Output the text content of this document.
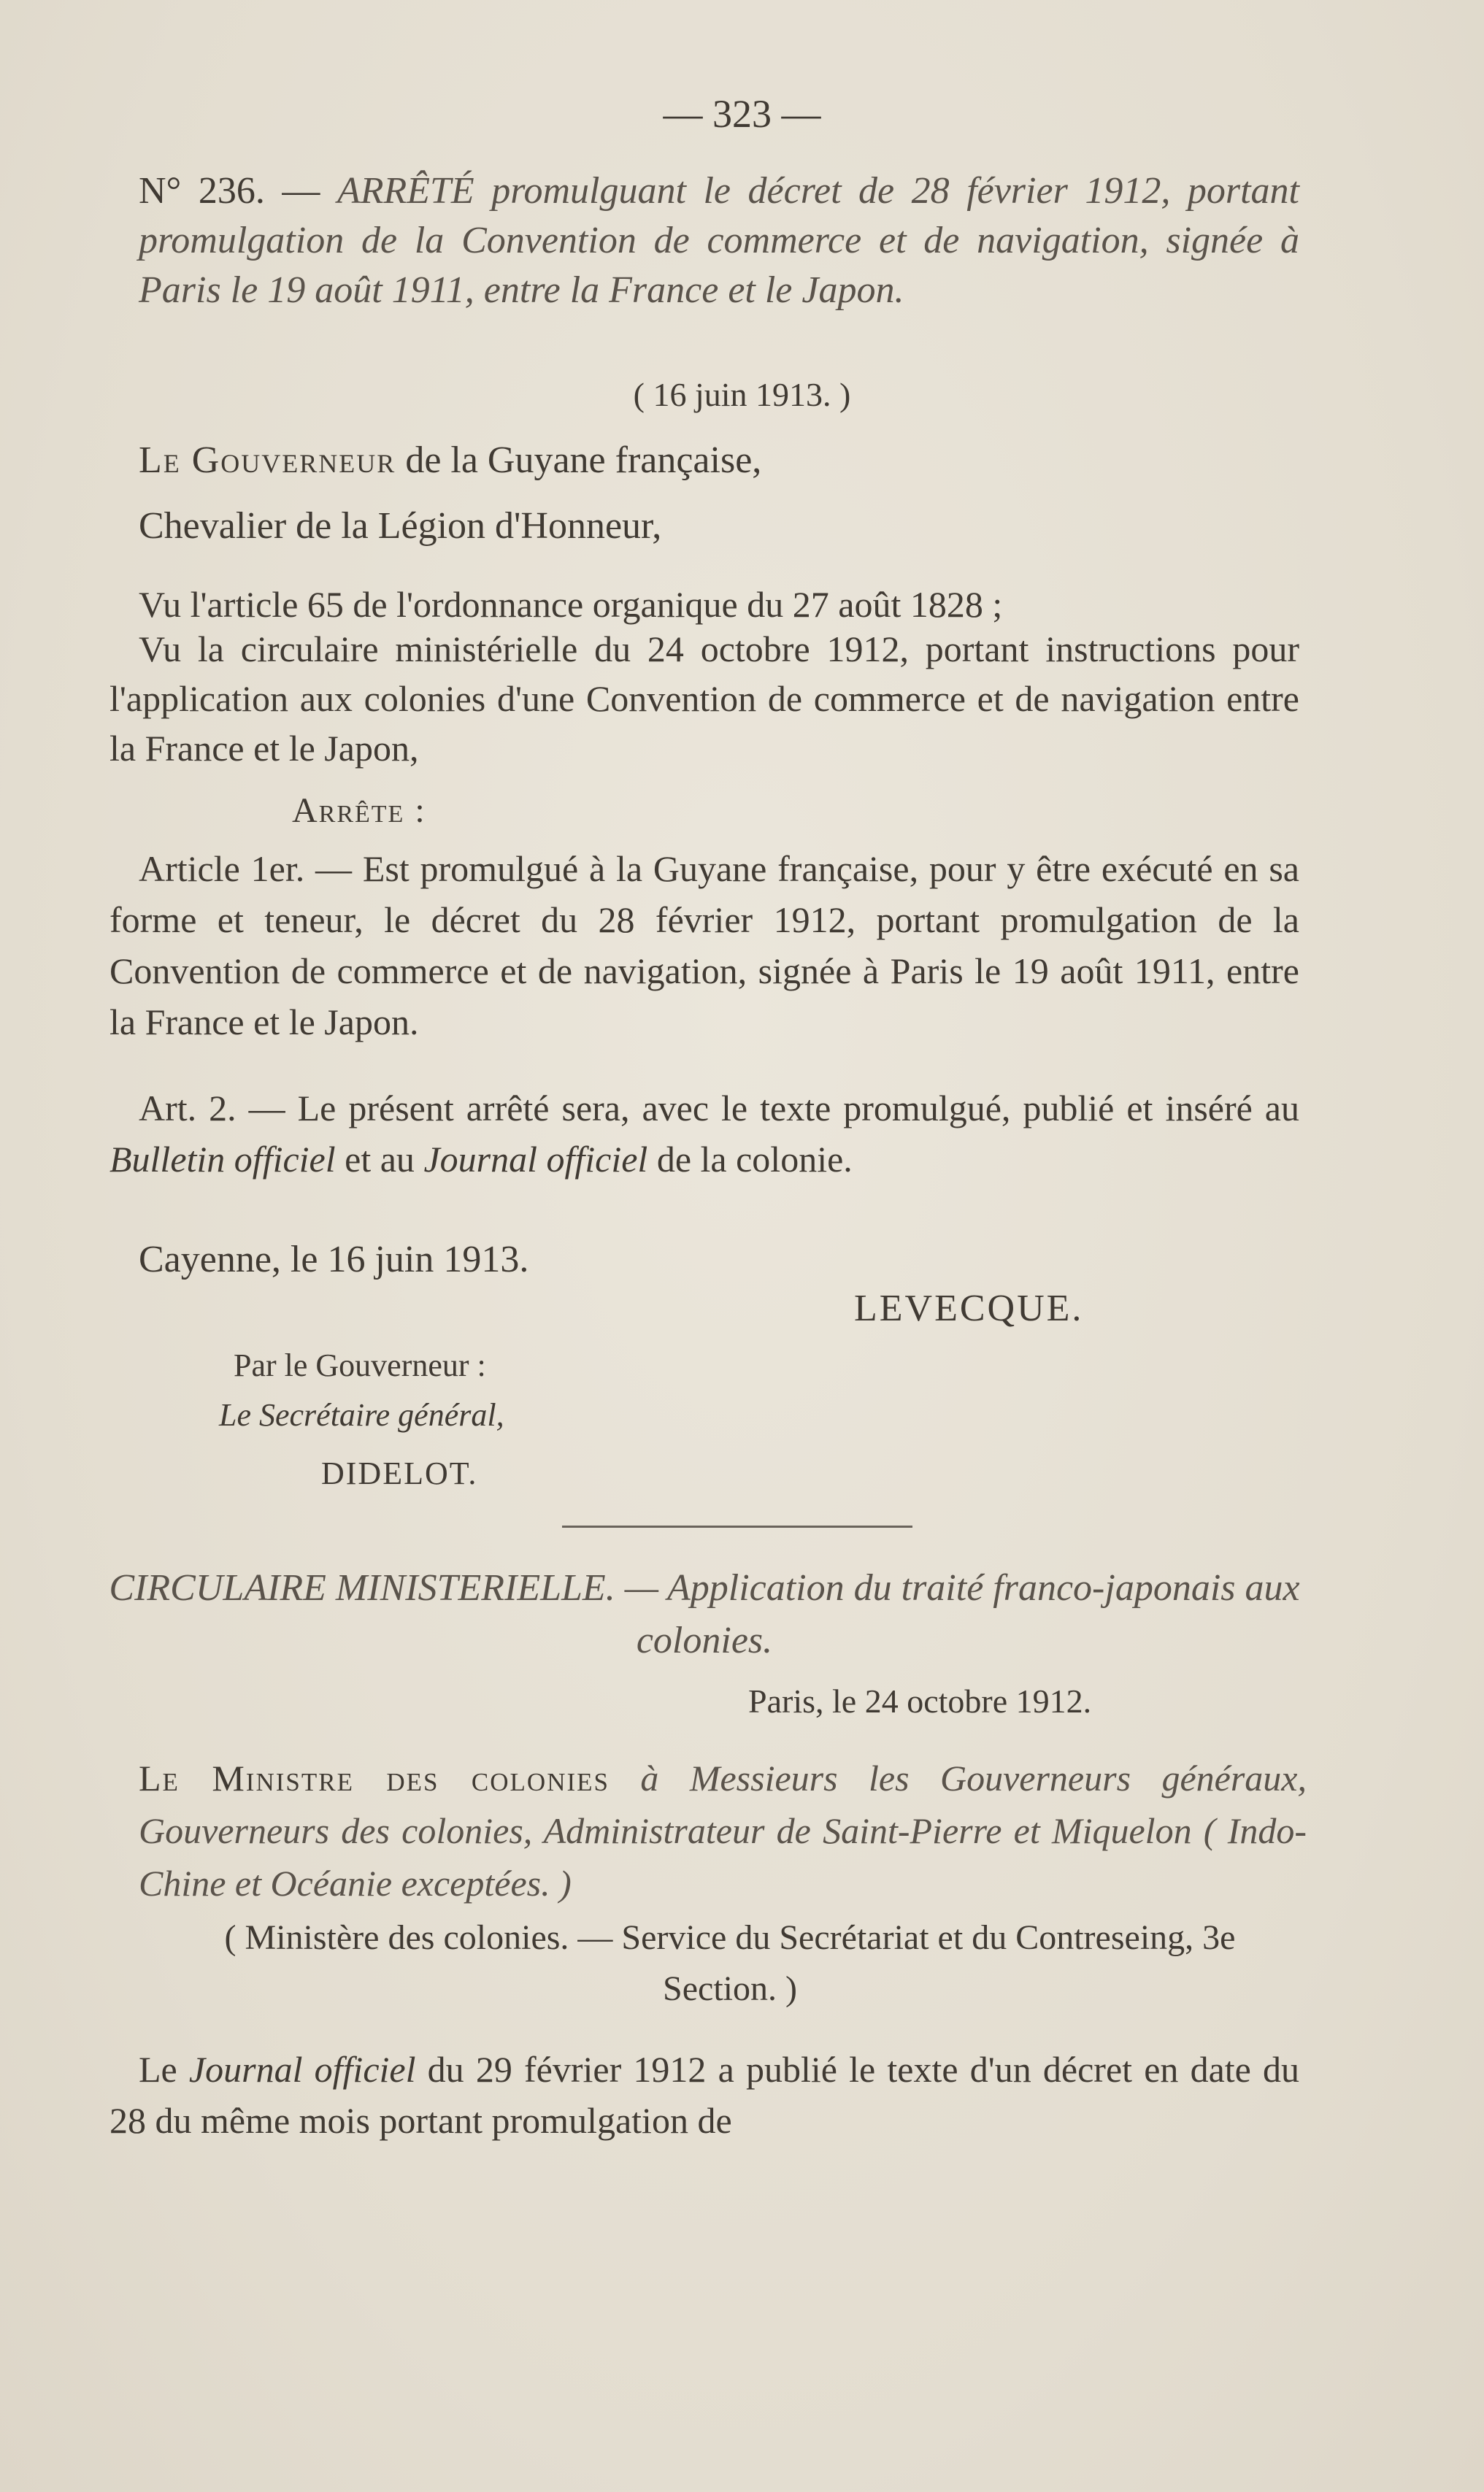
— 323 —

N° 236. — ARRÊTÉ promulguant le décret de 28 février 1912, portant promulgation de la Convention de commerce et de navigation, signée à Paris le 19 août 1911, entre la France et le Japon.

( 16 juin 1913. )

Le Gouverneur de la Guyane française,

Chevalier de la Légion d'Honneur,
Vu l'article 65 de l'ordonnance organique du 27 août 1828 ;

Vu la circulaire ministérielle du 24 octobre 1912, portant instructions pour l'application aux colonies d'une Convention de commerce et de navigation entre la France et le Japon,

Arrête :

Article 1er. — Est promulgué à la Guyane française, pour y être exécuté en sa forme et teneur, le décret du 28 février 1912, portant promulgation de la Convention de commerce et de navigation, signée à Paris le 19 août 1911, entre la France et le Japon.

Art. 2. — Le présent arrêté sera, avec le texte promulgué, publié et inséré au Bulletin officiel et au Journal officiel de la colonie.

Cayenne, le 16 juin 1913.
LEVECQUE.
Par le Gouverneur :
Le Secrétaire général,
DIDELOT.

CIRCULAIRE MINISTERIELLE. — Application du traité franco-japonais aux colonies.

Paris, le 24 octobre 1912.

Le Ministre des colonies à Messieurs les Gouverneurs généraux, Gouverneurs des colonies, Administrateur de Saint-Pierre et Miquelon ( Indo-Chine et Océanie exceptées. )

( Ministère des colonies. — Service du Secrétariat et du Contreseing, 3e Section. )

Le Journal officiel du 29 février 1912 a publié le texte d'un décret en date du 28 du même mois portant promulgation de
